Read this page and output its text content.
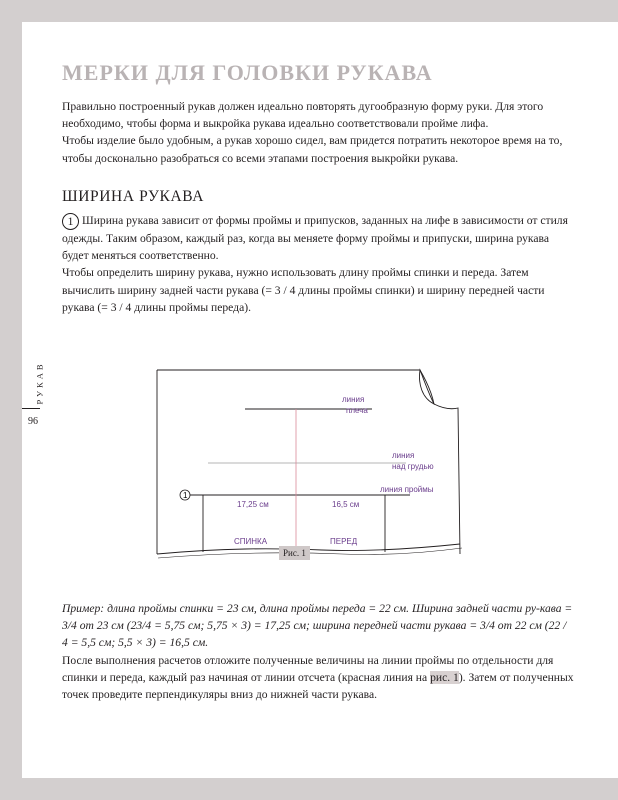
МЕРКИ ДЛЯ ГОЛОВКИ РУКАВА
Правильно построенный рукав должен идеально повторять дугообразную форму руки. Для этого необходимо, чтобы форма и выкройка рукава идеально соответствовали пройме лифа.
Чтобы изделие было удобным, а рукав хорошо сидел, вам придется потратить некоторое время на то, чтобы досконально разобраться со всеми этапами построения выкройки рукава.
ШИРИНА РУКАВА
1 Ширина рукава зависит от формы проймы и припусков, заданных на лифе в зависимости от стиля одежды. Таким образом, каждый раз, когда вы меняете форму проймы и припуски, ширина рукава будет меняться соответственно.
Чтобы определить ширину рукава, нужно использовать длину проймы спинки и переда. Затем вычислить ширину задней части рукава (= 3 / 4 длины проймы спинки) и ширину передней части рукава (= 3 / 4 длины проймы переда).
РУКАВ
96
линия
плеча
линия
над грудью
линия проймы
1
17,25 см	16,5 см
СПИНКА	ПЕРЕД
Рис. 1
Пример: длина проймы спинки = 23 см, длина проймы переда = 22 см. Ширина задней части ру-кава = 3/4 от 23 см (23/4 = 5,75 см; 5,75 × 3) = 17,25 см; ширина передней части рукава = 3/4 от 22 см (22 / 4 = 5,5 см; 5,5 × 3) = 16,5 см.
После выполнения расчетов отложите полученные величины на линии проймы по отдельности для спинки и переда, каждый раз начиная от линии отсчета (красная линия на рис. 1). Затем от полученных точек проведите перпендикуляры вниз до нижней части рукава.
